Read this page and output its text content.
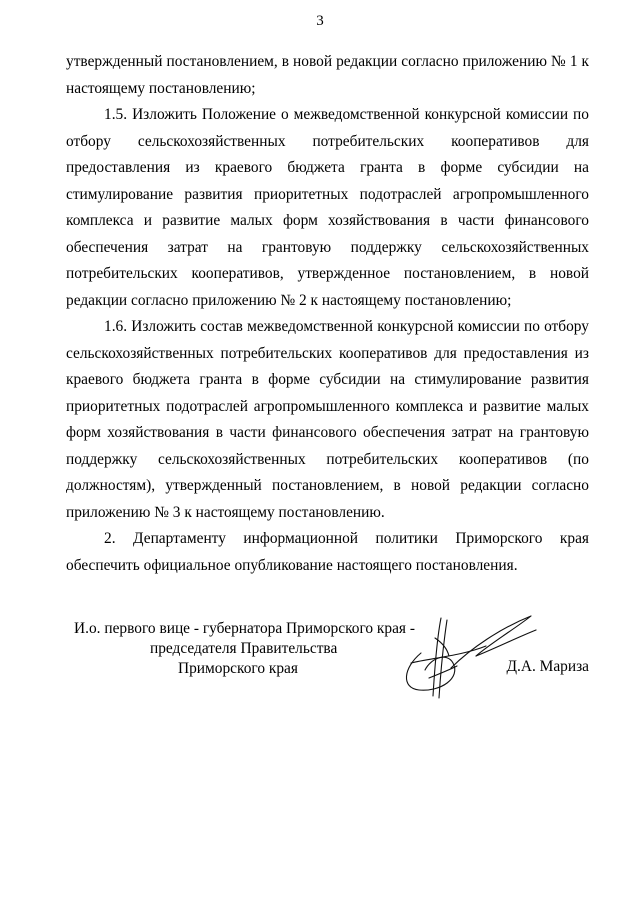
3
утвержденный постановлением, в новой редакции согласно приложению № 1 к
настоящему постановлению;
1.5. Изложить Положение о межведомственной конкурсной комиссии по
отбору сельскохозяйственных потребительских кооперативов для
предоставления из краевого бюджета гранта в форме субсидии на
стимулирование развития приоритетных подотраслей агропромышленного
комплекса и развитие малых форм хозяйствования в части финансового
обеспечения затрат на грантовую поддержку сельскохозяйственных
потребительских кооперативов, утвержденное постановлением, в новой
редакции согласно приложению № 2 к настоящему постановлению;
1.6. Изложить состав межведомственной конкурсной комиссии по отбору
сельскохозяйственных потребительских кооперативов для предоставления из
краевого бюджета гранта в форме субсидии на стимулирование развития
приоритетных подотраслей агропромышленного комплекса и развитие малых
форм хозяйствования в части финансового обеспечения затрат на грантовую
поддержку сельскохозяйственных потребительских кооперативов (по
должностям), утвержденный постановлением, в новой редакции согласно
приложению № 3 к настоящему постановлению.
2. Департаменту информационной политики Приморского края
обеспечить официальное опубликование настоящего постановления.
И.о. первого вице - губернатора Приморского края -
председателя Правительства
Приморского края	Д.А. Мариза
